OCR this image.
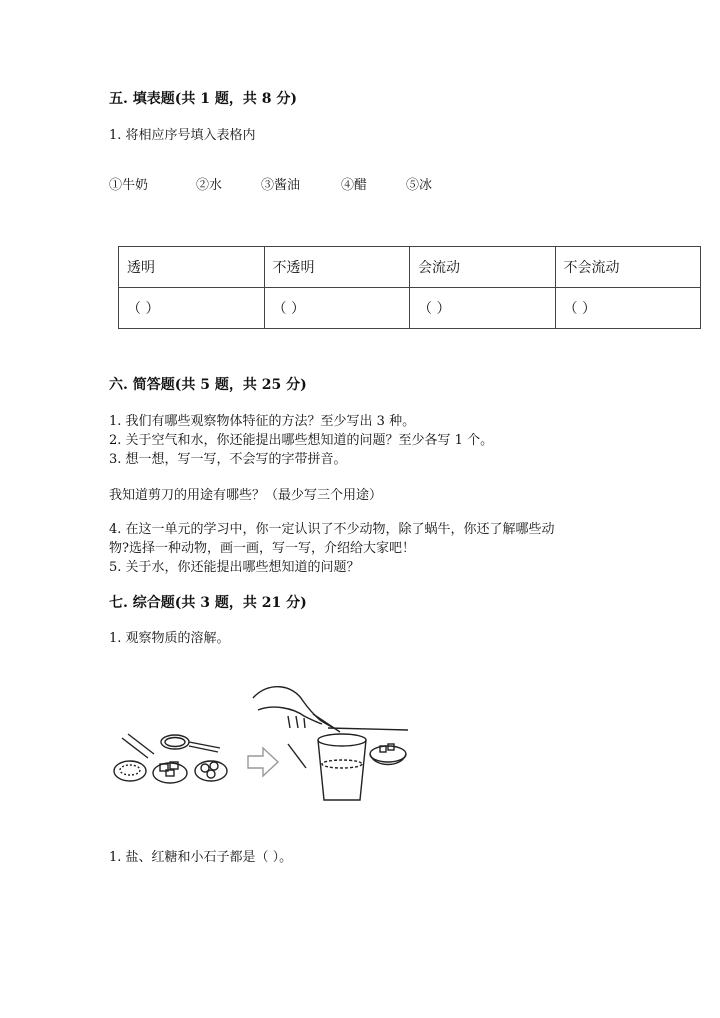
五. 填表题(共 1 题，共 8 分)
1. 将相应序号填入表格内
①牛奶	②水	③酱油	④醋	⑤冰
透明	不透明	会流动	不会流动
（ ）	（ ）	（ ）	（ ）
六. 简答题(共 5 题，共 25 分)
1. 我们有哪些观察物体特征的方法？至少写出 3 种。
2. 关于空气和水，你还能提出哪些想知道的问题？至少各写 1 个。
3. 想一想，写一写，不会写的字带拼音。
我知道剪刀的用途有哪些？（最少写三个用途）
4. 在这一单元的学习中，你一定认识了不少动物，除了蜗牛，你还了解哪些动
物?选择一种动物，画一画，写一写，介绍给大家吧！
5. 关于水，你还能提出哪些想知道的问题？
七. 综合题(共 3 题，共 21 分)
1. 观察物质的溶解。
1. 盐、红糖和小石子都是（ ）。
